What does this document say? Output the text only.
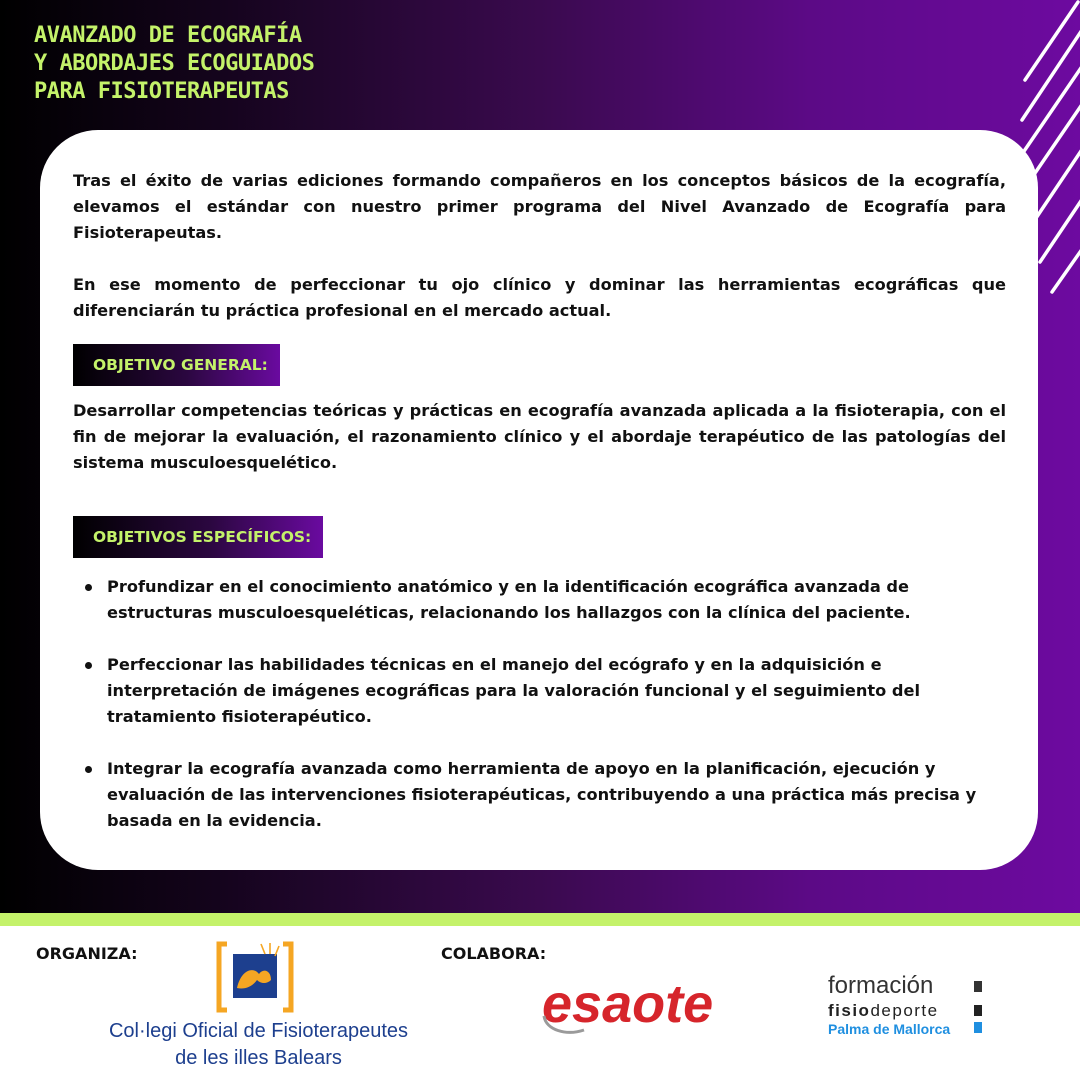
AVANZADO DE ECOGRAFÍA
Y ABORDAJES ECOGUIADOS
PARA FISIOTERAPEUTAS

Tras el éxito de varias ediciones formando compañeros en los conceptos básicos de la ecografía, elevamos el estándar con nuestro primer programa del Nivel Avanzado de Ecografía para Fisioterapeutas.

En ese momento de perfeccionar tu ojo clínico y dominar las herramientas ecográficas que diferenciarán tu práctica profesional en el mercado actual.

OBJETIVO GENERAL:

Desarrollar competencias teóricas y prácticas en ecografía avanzada aplicada a la fisioterapia, con el fin de mejorar la evaluación, el razonamiento clínico y el abordaje terapéutico de las patologías del sistema musculoesquelético.

OBJETIVOS ESPECÍFICOS:
Profundizar en el conocimiento anatómico y en la identificación ecográfica avanzada de estructuras musculoesqueléticas, relacionando los hallazgos con la clínica del paciente.
Perfeccionar las habilidades técnicas en el manejo del ecógrafo y en la adquisición e interpretación de imágenes ecográficas para la valoración funcional y el seguimiento del tratamiento fisioterapéutico.
Integrar la ecografía avanzada como herramienta de apoyo en la planificación, ejecución y evaluación de las intervenciones fisioterapéuticas, contribuyendo a una práctica más precisa y basada en la evidencia.
ORGANIZA:	COLABORA:
Col·legi Oficial de Fisioterapeutes
de les illes Balears
esaote	formación
fisiodeporte
Palma de Mallorca
